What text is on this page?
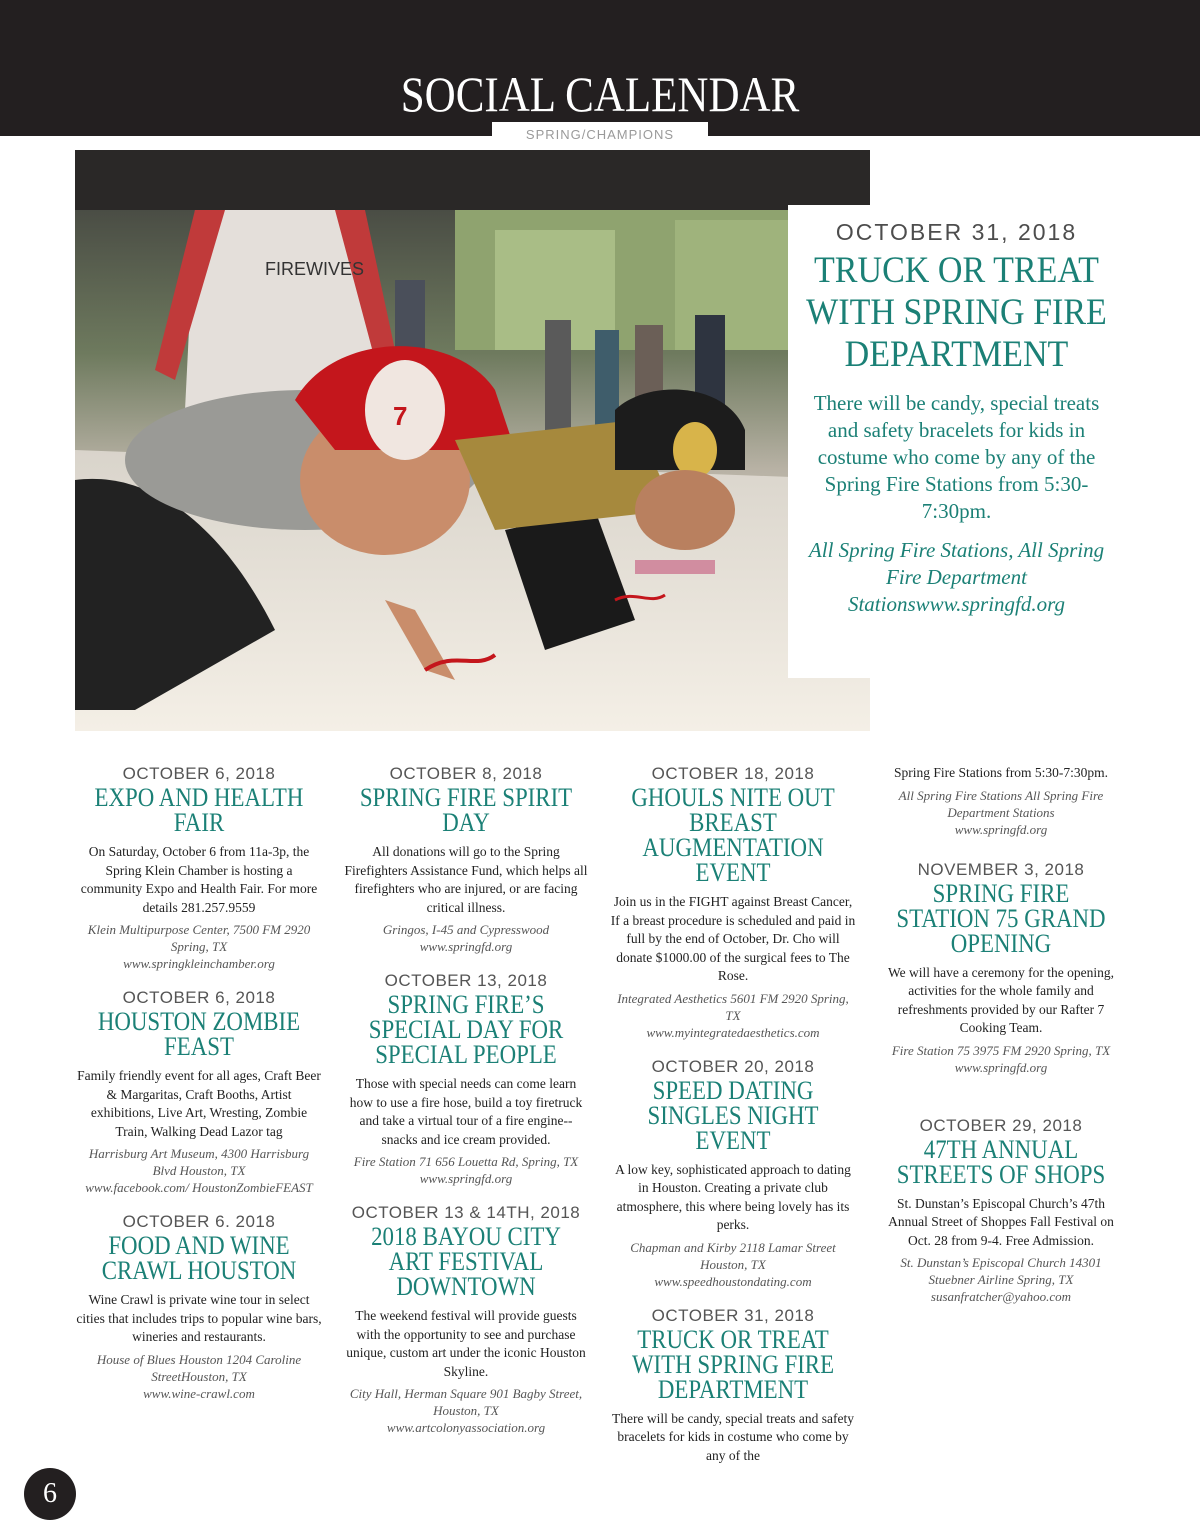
SOCIAL CALENDAR
SPRING/CHAMPIONS
FIREWIVES
7
OCTOBER 31, 2018
TRUCK OR TREAT WITH SPRING FIRE DEPARTMENT
There will be candy, special treats and safety bracelets for kids in costume who come by any of the Spring Fire Stations from 5:30-7:30pm.
All Spring Fire Stations, All Spring Fire Department Stationswww.springfd.org
OCTOBER 6, 2018
EXPO AND HEALTH FAIR
On Saturday, October 6 from 11a-3p, the Spring Klein Chamber is hosting a community Expo and Health Fair. For more details 281.257.9559
Klein Multipurpose Center, 7500 FM 2920 Spring, TX
www.springkleinchamber.org
OCTOBER 6, 2018
HOUSTON ZOMBIE FEAST
Family friendly event for all ages, Craft Beer & Margaritas, Craft Booths, Artist exhibitions, Live Art, Wresting, Zombie Train, Walking Dead Lazor tag
Harrisburg Art Museum, 4300 Harrisburg Blvd Houston, TX
www.facebook.com/ HoustonZombieFEAST
OCTOBER 6. 2018
FOOD AND WINE CRAWL HOUSTON
Wine Crawl is private wine tour in select cities that includes trips to popular wine bars, wineries and restaurants.
House of Blues Houston 1204 Caroline StreetHouston, TX
www.wine-crawl.com
OCTOBER 8, 2018
SPRING FIRE SPIRIT DAY
All donations will go to the Spring Firefighters Assistance Fund, which helps all firefighters who are injured, or are facing critical illness.
Gringos, I-45 and Cypresswood
www.springfd.org
OCTOBER 13, 2018
SPRING FIRE’S SPECIAL DAY FOR SPECIAL PEOPLE
Those with special needs can come learn how to use a fire hose, build a toy firetruck and take a virtual tour of a fire engine--snacks and ice cream provided.
Fire Station 71 656 Louetta Rd, Spring, TX
www.springfd.org
OCTOBER 13 & 14TH, 2018
2018 BAYOU CITY ART FESTIVAL DOWNTOWN
The weekend festival will provide guests with the opportunity to see and purchase unique, custom art under the iconic Houston Skyline.
City Hall, Herman Square 901 Bagby Street, Houston, TX
www.artcolonyassociation.org
OCTOBER 18, 2018
GHOULS NITE OUT BREAST AUGMENTATION EVENT
Join us in the FIGHT against Breast Cancer, If a breast procedure is scheduled and paid in full by the end of October, Dr. Cho will donate $1000.00 of the surgical fees to The Rose.
Integrated Aesthetics 5601 FM 2920 Spring, TX
www.myintegratedaesthetics.com
OCTOBER 20, 2018
SPEED DATING SINGLES NIGHT EVENT
A low key, sophisticated approach to dating in Houston. Creating a private club atmosphere, this where being lovely has its perks.
Chapman and Kirby 2118 Lamar Street Houston, TX
www.speedhoustondating.com
OCTOBER 31, 2018
TRUCK OR TREAT WITH SPRING FIRE DEPARTMENT
There will be candy, special treats and safety bracelets for kids in costume who come by any of the
Spring Fire Stations from 5:30-7:30pm.
All Spring Fire Stations All Spring Fire Department Stations
www.springfd.org
NOVEMBER 3, 2018
SPRING FIRE STATION 75 GRAND OPENING
We will have a ceremony for the opening, activities for the whole family and refreshments provided by our Rafter 7 Cooking Team.
Fire Station 75 3975 FM 2920 Spring, TX
www.springfd.org
OCTOBER 29, 2018
47TH ANNUAL STREETS OF SHOPS
St. Dunstan’s Episcopal Church’s 47th Annual Street of Shoppes Fall Festival on Oct. 28 from 9-4. Free Admission.
St. Dunstan’s Episcopal Church 14301 Stuebner Airline Spring, TX
susanfratcher@yahoo.com
6
